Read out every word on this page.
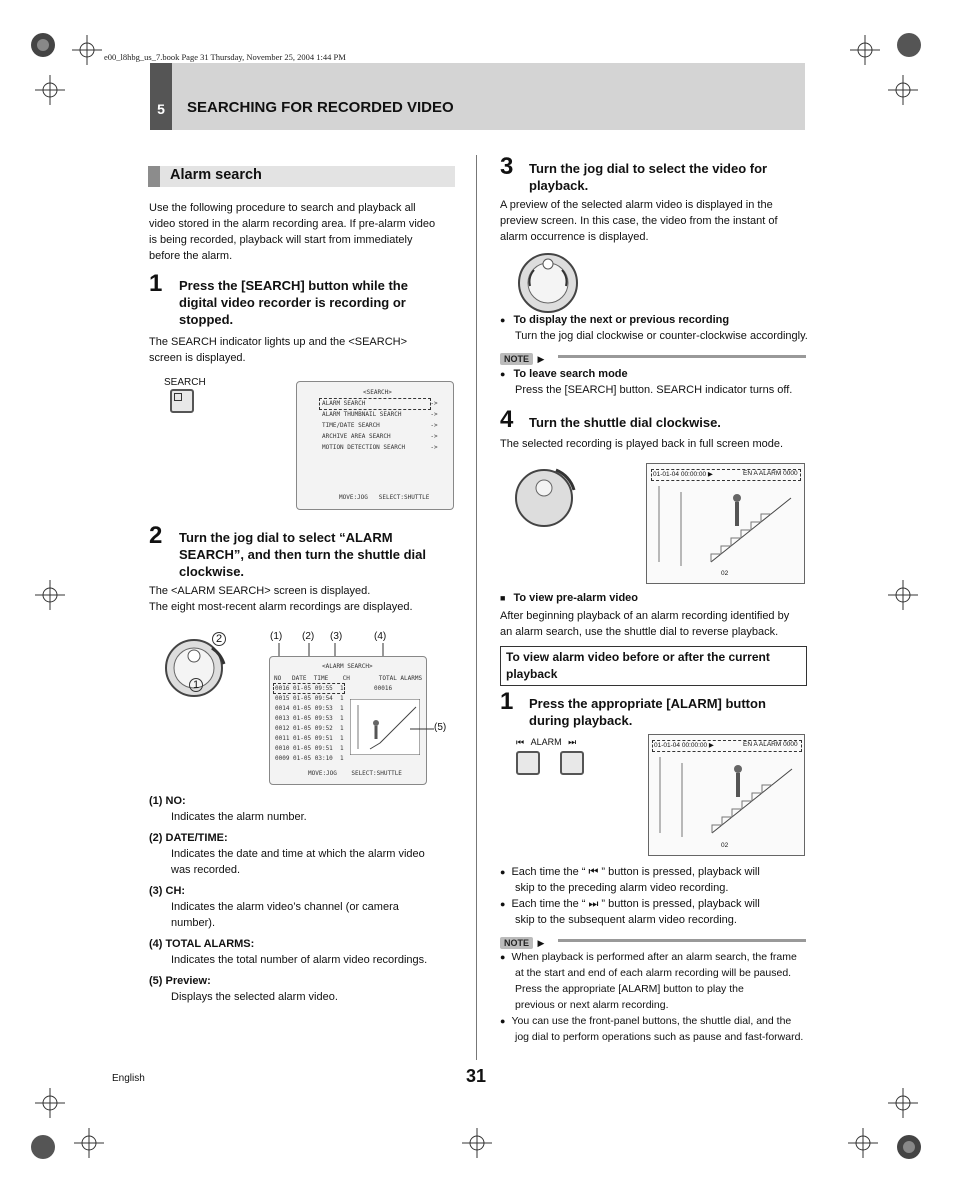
e00_l8hbg_us_7.book Page 31 Thursday, November 25, 2004 1:44 PM
5	SEARCHING FOR RECORDED VIDEO
Alarm search
Use the following procedure to search and playback all
video stored in the alarm recording area. If pre-alarm video
is being recorded, playback will start from immediately
before the alarm.
1 Press the [SEARCH] button while the
digital video recorder is recording or
stopped.
The SEARCH indicator lights up and the <SEARCH>
screen is displayed.
SEARCH
<SEARCH>
ALARM SEARCH                  ->
ALARM THUMBNAIL SEARCH        ->
TIME/DATE SEARCH              ->
ARCHIVE AREA SEARCH           ->
MOTION DETECTION SEARCH       ->
MOVE:JOG   SELECT:SHUTTLE
2 Turn the jog dial to select “ALARM
SEARCH”, and then turn the shuttle dial
clockwise.
The <ALARM SEARCH> screen is displayed.
The eight most-recent alarm recordings are displayed.
2
1
(1) (2) (3)	(4)
(5)
<ALARM SEARCH>
NO   DATE  TIME    CH        TOTAL ALARMS
00016
0016 01-05 09:55  1
0015 01-05 09:54  1
0014 01-05 09:53  1
0013 01-05 09:53  1
0012 01-05 09:52  1
0011 01-05 09:51  1
0010 01-05 09:51  1
0009 01-05 03:10  1
MOVE:JOG    SELECT:SHUTTLE
(1) NO:
Indicates the alarm number.
(2) DATE/TIME:
Indicates the date and time at which the alarm video
was recorded.
(3) CH:
Indicates the alarm video’s channel (or camera
number).
(4) TOTAL ALARMS:
Indicates the total number of alarm video recordings.
(5) Preview:
Displays the selected alarm video.
3 Turn the jog dial to select the video for
playback.
A preview of the selected alarm video is displayed in the
preview screen. In this case, the video from the instant of
alarm occurrence is displayed.
● To display the next or previous recording
Turn the jog dial clockwise or counter-clockwise accordingly.
NOTE ▶
● To leave search mode
Press the [SEARCH] button. SEARCH indicator turns off.
4 Turn the shuttle dial clockwise.
The selected recording is played back in full screen mode.
01-01-04 00:00:00 ▶	EN A ALARM 0000
02
■ To view pre-alarm video
After beginning playback of an alarm recording identified by
an alarm search, use the shuttle dial to reverse playback.
To view alarm video before or after the current
playback
1 Press the appropriate [ALARM] button
during playback.
⏮ ALARM ⏭	01-01-04 00:00:00 ▶	EN A ALARM 0000
02
● Each time the “ ⏮ ” button is pressed, playback will
skip to the preceding alarm video recording.
● Each time the “ ⏭ ” button is pressed, playback will
skip to the subsequent alarm video recording.
NOTE ▶
● When playback is performed after an alarm search, the frame
at the start and end of each alarm recording will be paused.
Press the appropriate [ALARM] button to play the
previous or next alarm recording.
● You can use the front-panel buttons, the shuttle dial, and the
jog dial to perform operations such as pause and fast-forward.
English	31
